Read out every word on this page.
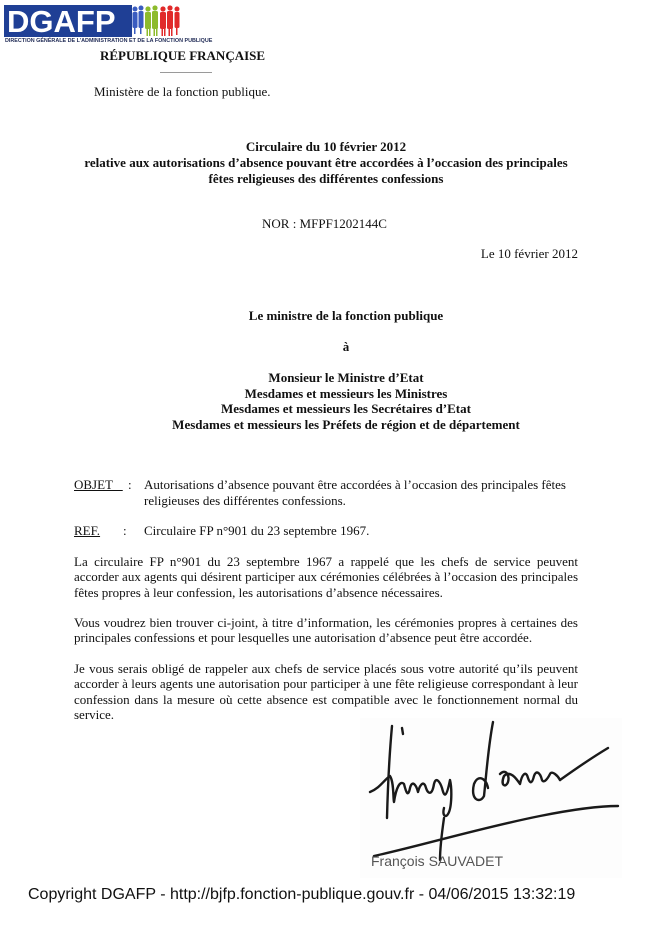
DGAFP
DIRECTION GÉNÉRALE DE L'ADMINISTRATION ET DE LA FONCTION PUBLIQUE
RÉPUBLIQUE FRANÇAISE
Ministère de la fonction publique.
Circulaire du 10 février 2012
relative aux autorisations d’absence pouvant être accordées à l’occasion des principales
fêtes religieuses des différentes confessions
NOR : MFPF1202144C
Le 10 février 2012
Le ministre de la fonction publique
à
Monsieur le Ministre d’Etat
Mesdames et messieurs les Ministres
Mesdames et messieurs les Secrétaires d’Etat
Mesdames et messieurs les Préfets de région et de département
OBJET	: Autorisations d’absence pouvant être accordées à l’occasion des principales fêtes religieuses des différentes confessions.
REF. : Circulaire FP n°901 du 23 septembre 1967.
La circulaire FP n°901 du 23 septembre 1967 a rappelé que les chefs de service peuvent accorder aux agents qui désirent participer aux cérémonies célébrées à l’occasion des principales fêtes propres à leur confession, les autorisations d’absence nécessaires.
Vous voudrez bien trouver ci-joint, à titre d’information, les cérémonies propres à certaines des principales confessions et pour lesquelles une autorisation d’absence peut être accordée.
Je vous serais obligé de rappeler aux chefs de service placés sous votre autorité qu’ils peuvent accorder à leurs agents une autorisation pour participer à une fête religieuse correspondant à leur confession dans la mesure où cette absence est compatible avec le fonctionnement normal du service.
François SAUVADET
Copyright DGAFP - http://bjfp.fonction-publique.gouv.fr - 04/06/2015 13:32:19
